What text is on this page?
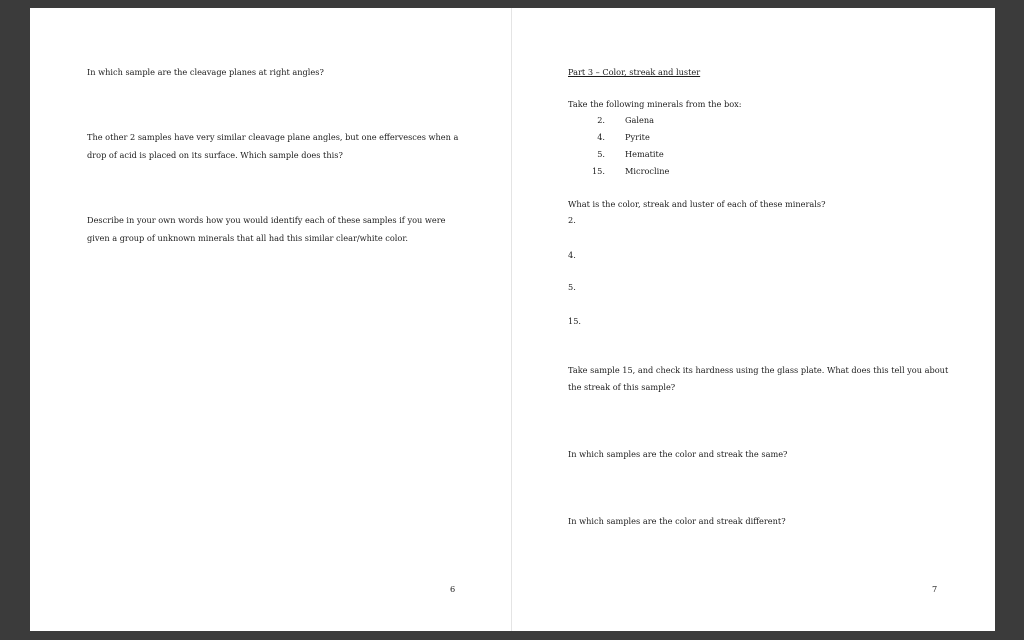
In which sample are the cleavage planes at right angles?
The other 2 samples have very similar cleavage plane angles, but one effervesces when a
drop of acid is placed on its surface. Which sample does this?
Describe in your own words how you would identify each of these samples if you were
given a group of unknown minerals that all had this similar clear/white color.
6
Part 3 – Color, streak and luster
Take the following minerals from the box:
2. Galena
4. Pyrite
5. Hematite
15. Microcline
What is the color, streak and luster of each of these minerals?
2.
4.
5.
15.
Take sample 15, and check its hardness using the glass plate. What does this tell you about
the streak of this sample?
In which samples are the color and streak the same?
In which samples are the color and streak different?
7
